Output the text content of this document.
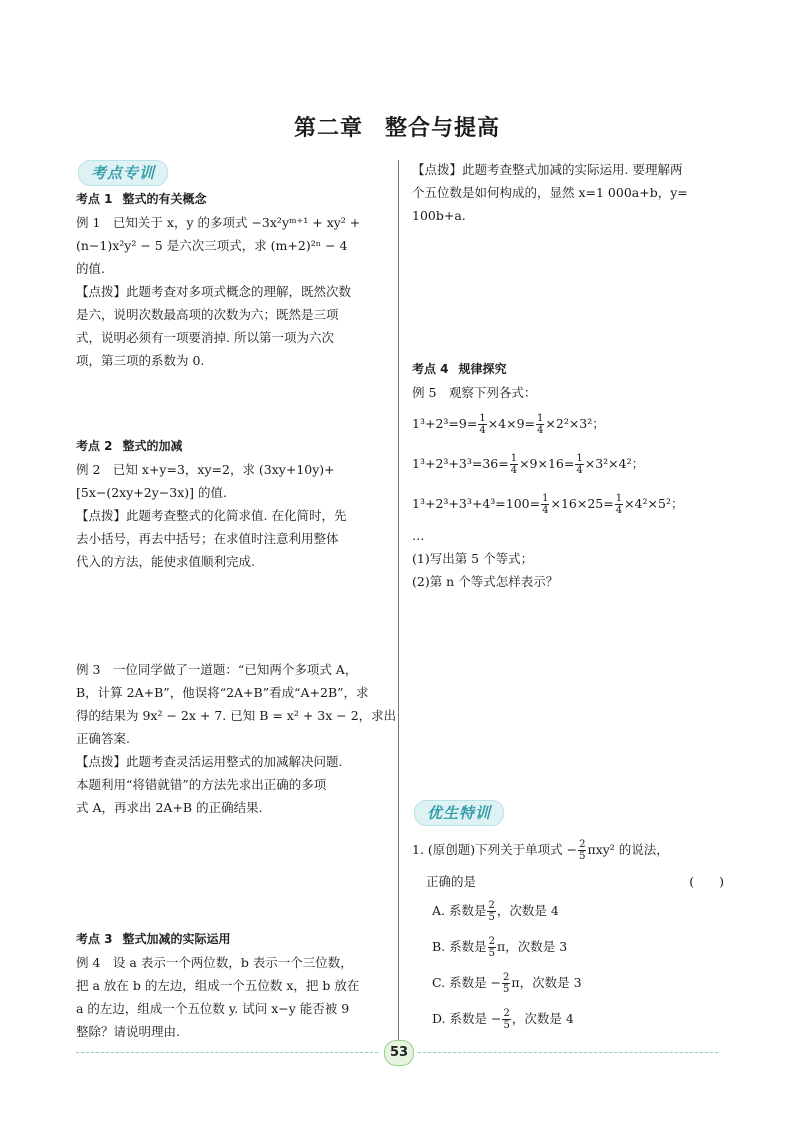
第二章 整合与提高
考点专训
考点 1 整式的有关概念
例 1　已知关于 x，y 的多项式 −3x²yᵐ⁺¹ + xy² +
(n−1)x²y² − 5 是六次三项式，求 (m+2)²ⁿ − 4
的值.
【点拨】此题考查对多项式概念的理解，既然次数
是六，说明次数最高项的次数为六；既然是三项
式，说明必须有一项要消掉. 所以第一项为六次
项，第三项的系数为 0.
考点 2 整式的加减
例 2　已知 x+y=3，xy=2，求 (3xy+10y)+
[5x−(2xy+2y−3x)] 的值.
【点拨】此题考查整式的化简求值. 在化简时，先
去小括号，再去中括号；在求值时注意利用整体
代入的方法，能使求值顺利完成.
例 3　一位同学做了一道题：“已知两个多项式 A，
B，计算 2A+B”，他误将“2A+B”看成“A+2B”，求
得的结果为 9x² − 2x + 7. 已知 B = x² + 3x − 2，求出
正确答案.
【点拨】此题考查灵活运用整式的加减解决问题.
本题利用“将错就错”的方法先求出正确的多项
式 A，再求出 2A+B 的正确结果.
考点 3 整式加减的实际运用
例 4　设 a 表示一个两位数，b 表示一个三位数，
把 a 放在 b 的左边，组成一个五位数 x，把 b 放在
a 的左边，组成一个五位数 y. 试问 x−y 能否被 9
整除？请说明理由.
【点拨】此题考查整式加减的实际运用. 要理解两
个五位数是如何构成的，显然 x=1 000a+b，y=
100b+a.
考点 4 规律探究
例 5　观察下列各式：
$1^3+2^3=9= \frac{1}{4} \times 4\times 9= \frac{1}{4} \times 2^2\times 3^2$；
$1^3+2^3+3^3=36= \frac{1}{4} \times 9\times 16= \frac{1}{4} \times 3^2\times 4^2$；
$1^3+2^3+3^3+4^3=100= \frac{1}{4} \times 16\times 25= \frac{1}{4} \times 4^2\times 5^2$；
…
(1)写出第 5 个等式；
(2)第 n 个等式怎样表示？
优生特训
1. (原创题)下列关于单项式 − $\frac{2}{5} \pi xy^2$ 的说法，
正确的是	(　　)
A. 系数是 $\frac{2}{5}$ ，次数是 4
B. 系数是 $\frac{2}{5}$ π，次数是 3
C. 系数是 − $\frac{2}{5}$ π，次数是 3
D. 系数是 − $\frac{2}{5}$ ，次数是 4
53
